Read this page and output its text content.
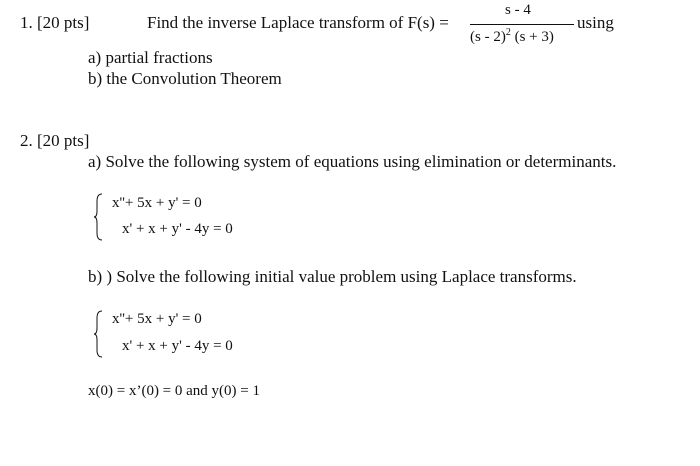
1. [20 pts]	Find the inverse Laplace transform of F(s) =
s - 4
(s - 2)$^2$ (s + 3)
using
a) partial fractions
b) the Convolution Theorem
2. [20 pts]
a) Solve the following system of equations using elimination or determinants.
x''+ 5x + y' = 0
x' + x + y' - 4y = 0
b) ) Solve the following initial value problem using Laplace transforms.
x''+ 5x + y' = 0
x' + x + y' - 4y = 0
x(0) = x’(0) = 0 and y(0) = 1
